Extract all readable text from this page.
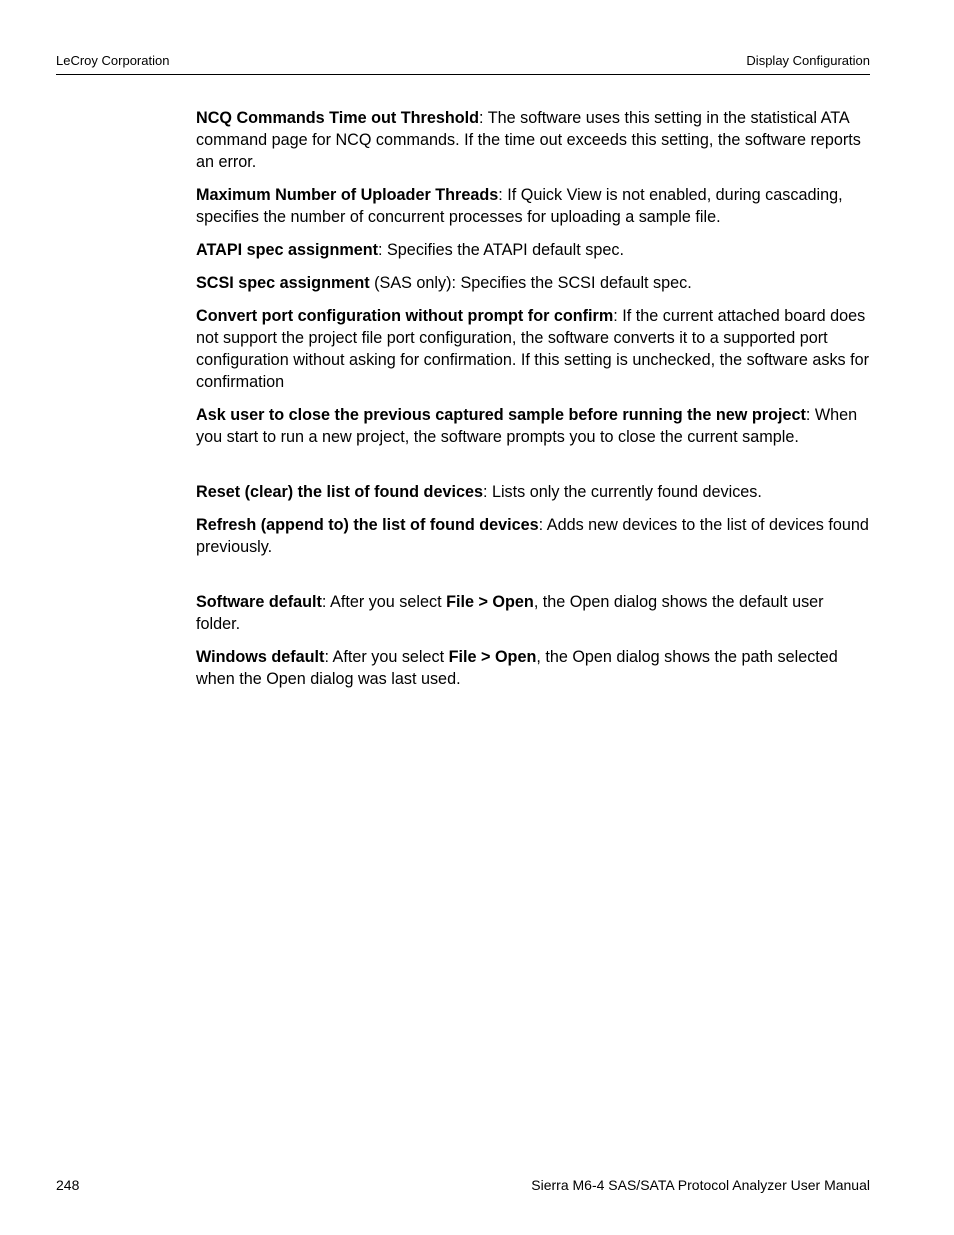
LeCroy Corporation	Display Configuration

NCQ Commands Time out Threshold: The software uses this setting in the statistical ATA command page for NCQ commands. If the time out exceeds this setting, the software reports an error.

Maximum Number of Uploader Threads: If Quick View is not enabled, during cascading, specifies the number of concurrent processes for uploading a sample file.

ATAPI spec assignment: Specifies the ATAPI default spec.

SCSI spec assignment (SAS only): Specifies the SCSI default spec.

Convert port configuration without prompt for confirm: If the current attached board does not support the project file port configuration, the software converts it to a supported port configuration without asking for confirmation. If this setting is unchecked, the software asks for confirmation

Ask user to close the previous captured sample before running the new project: When you start to run a new project, the software prompts you to close the current sample.

Reset (clear) the list of found devices: Lists only the currently found devices.

Refresh (append to) the list of found devices: Adds new devices to the list of devices found previously.

Software default: After you select File > Open, the Open dialog shows the default user folder.

Windows default: After you select File > Open, the Open dialog shows the path selected when the Open dialog was last used.

248	Sierra M6-4 SAS/SATA Protocol Analyzer User Manual
